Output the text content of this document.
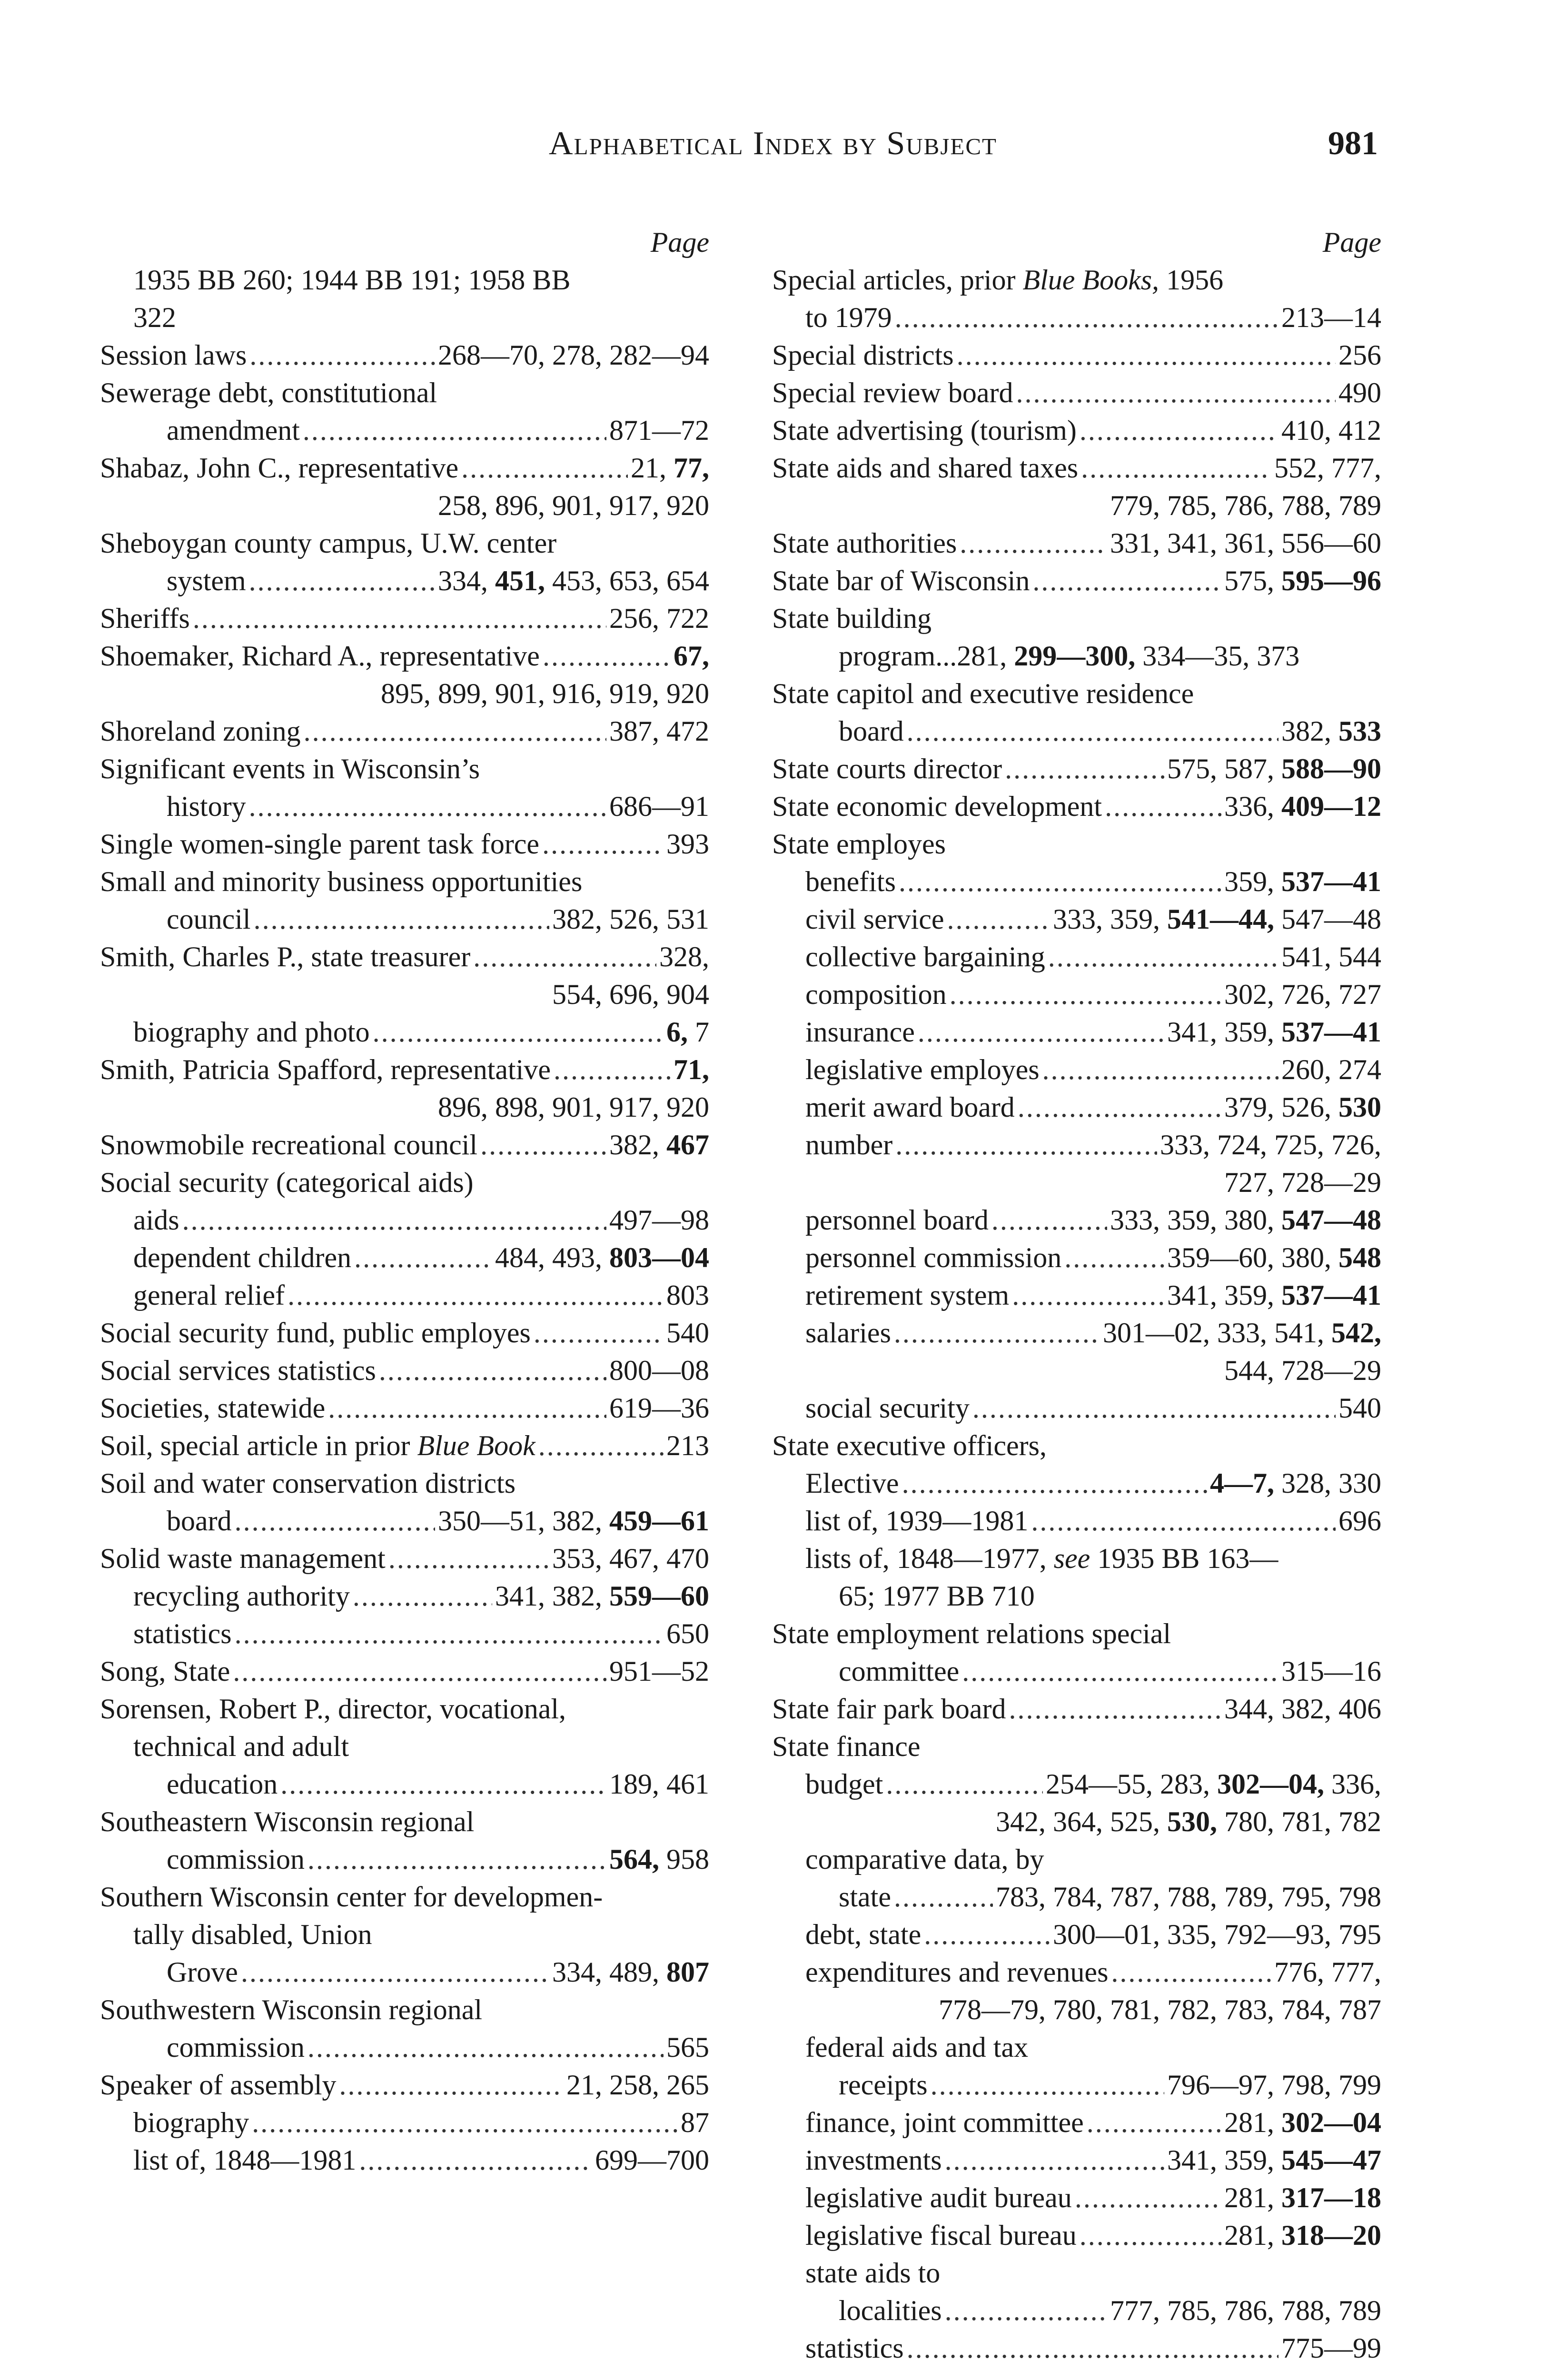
Alphabetical Index by Subject	981
Page
1935 BB 260; 1944 BB 191; 1958 BB
322
Session laws . . .	268—70, 278, 282—94
Sewerage debt, constitutional
amendment . . .	871—72
Shabaz, John C., representative . . .	21, 77,
258, 896, 901, 917, 920
Sheboygan county campus, U.W. center
system . . .	334, 451, 453, 653, 654
Sheriffs . . .	256, 722
Shoemaker, Richard A., representative . . .	67,
895, 899, 901, 916, 919, 920
Shoreland zoning . . .	387, 472
Significant events in Wisconsin’s
history . . .	686—91
Single women-single parent task force . . .	393
Small and minority business opportunities
council . . .	382, 526, 531
Smith, Charles P., state treasurer . . .	328,
554, 696, 904
biography and photo . . .	6, 7
Smith, Patricia Spafford, representative . . .	71,
896, 898, 901, 917, 920
Snowmobile recreational council . . .	382, 467
Social security (categorical aids)
aids . . .	497—98
dependent children . . .	484, 493, 803—04
general relief . . .	803
Social security fund, public employes . . .	540
Social services statistics . . .	800—08
Societies, statewide . . .	619—36
Soil, special article in prior Blue Book . . .	213
Soil and water conservation districts
board . . .	350—51, 382, 459—61
Solid waste management . . .	353, 467, 470
recycling authority . . .	341, 382, 559—60
statistics . . .	650
Song, State . . .	951—52
Sorensen, Robert P., director, vocational,
technical and adult
education . . .	189, 461
Southeastern Wisconsin regional
commission . . .	564, 958
Southern Wisconsin center for developmen-
tally disabled, Union
Grove . . .	334, 489, 807
Southwestern Wisconsin regional
commission . . .	565
Speaker of assembly . . .	21, 258, 265
biography . . .	87
list of, 1848—1981 . . .	699—700
Page
Special articles, prior Blue Books, 1956
to 1979 . . .	213—14
Special districts . . .	256
Special review board . . .	490
State advertising (tourism) . . .	410, 412
State aids and shared taxes . . .	552, 777,
779, 785, 786, 788, 789
State authorities . . .	331, 341, 361, 556—60
State bar of Wisconsin . . .	575, 595—96
State building
program...281, 299—300, 334—35, 373
State capitol and executive residence
board . . .	382, 533
State courts director . . .	575, 587, 588—90
State economic development . . .	336, 409—12
State employes
benefits . . .	359, 537—41
civil service . . .	333, 359, 541—44, 547—48
collective bargaining . . .	541, 544
composition . . .	302, 726, 727
insurance . . .	341, 359, 537—41
legislative employes . . .	260, 274
merit award board . . .	379, 526, 530
number . . .	333, 724, 725, 726,
727, 728—29
personnel board . . .	333, 359, 380, 547—48
personnel commission . . .	359—60, 380, 548
retirement system . . .	341, 359, 537—41
salaries . . .	301—02, 333, 541, 542,
544, 728—29
social security . . .	540
State executive officers,
Elective . . .	4—7, 328, 330
list of, 1939—1981 . . .	696
lists of, 1848—1977, see 1935 BB 163—
65; 1977 BB 710
State employment relations special
committee . . .	315—16
State fair park board . . .	344, 382, 406
State finance
budget . . .	254—55, 283, 302—04, 336,
342, 364, 525, 530, 780, 781, 782
comparative data, by
state . . .	783, 784, 787, 788, 789, 795, 798
debt, state . . .	300—01, 335, 792—93, 795
expenditures and revenues . . .	776, 777,
778—79, 780, 781, 782, 783, 784, 787
federal aids and tax
receipts . . .	796—97, 798, 799
finance, joint committee . . .	281, 302—04
investments . . .	341, 359, 545—47
legislative audit bureau . . .	281, 317—18
legislative fiscal bureau . . .	281, 318—20
state aids to
localities . . .	777, 785, 786, 788, 789
statistics . . .	775—99
